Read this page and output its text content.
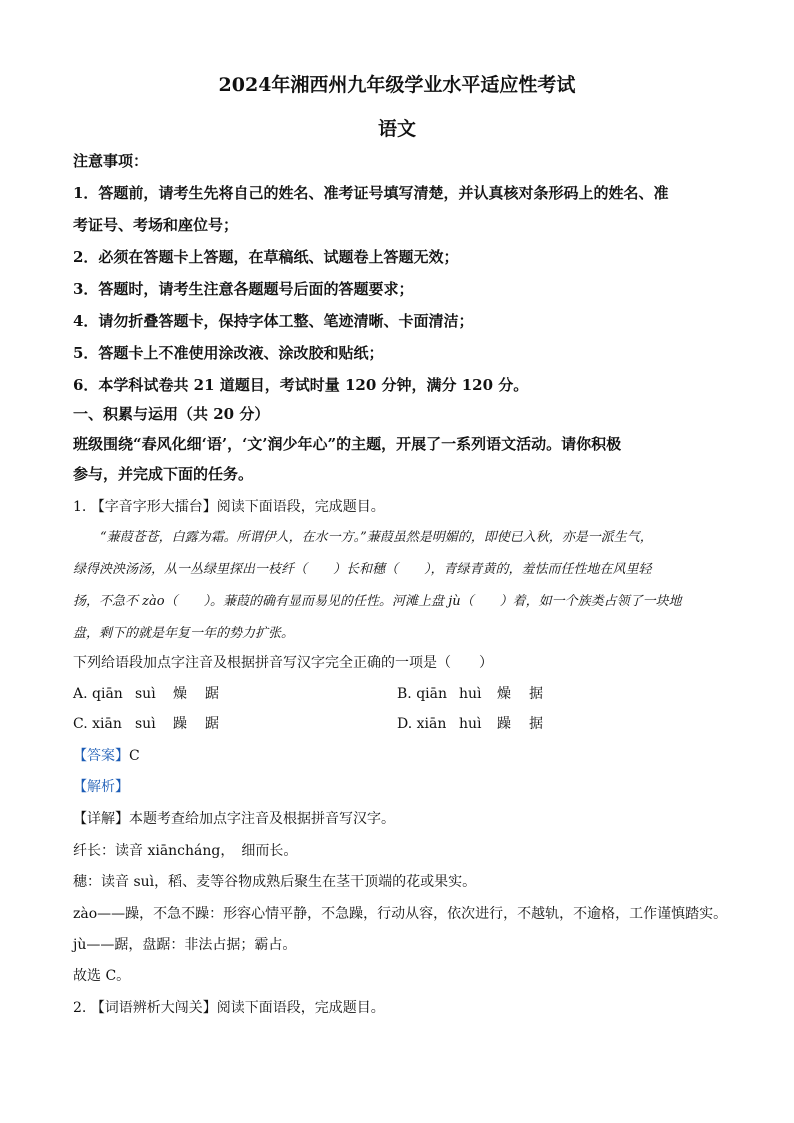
2024年湘西州九年级学业水平适应性考试
语文
注意事项：
1．答题前，请考生先将自己的姓名、准考证号填写清楚，并认真核对条形码上的姓名、准
考证号、考场和座位号；
2．必须在答题卡上答题，在草稿纸、试题卷上答题无效；
3．答题时，请考生注意各题题号后面的答题要求；
4．请勿折叠答题卡，保持字体工整、笔迹清晰、卡面清洁；
5．答题卡上不准使用涂改液、涂改胶和贴纸；
6．本学科试卷共 21 道题目，考试时量 120 分钟，满分 120 分。
一、积累与运用（共 20 分）
班级围绕“春风化细‘语’，‘文’润少年心”的主题，开展了一系列语文活动。请你积极
参与，并完成下面的任务。
1. 【字音字形大擂台】阅读下面语段，完成题目。
“蒹葭苍苍，白露为霜。所谓伊人，在水一方。”蒹葭虽然是明媚的，即使已入秋，亦是一派生气，
绿得泱泱汤汤，从一丛绿里探出一枝纤（　　）长和穗（　　），青绿青黄的，羞怯而任性地在风里轻
扬，不急不 zào（　　）。蒹葭的确有显而易见的任性。河滩上盘 jù（　　）着，如一个族类占领了一块地
盘，剩下的就是年复一年的势力扩张。
下列给语段加点字注音及根据拼音写汉字完全正确的一项是（　　）
A. qiān suì 燥 踞	B. qiān huì 燥 据
C. xiān suì 躁 踞	D. xiān huì 躁 据
【答案】C
【解析】
【详解】本题考查给加点字注音及根据拼音写汉字。
纤长：读音 xiāncháng，　细而长。
穗：读音 suì，稻、麦等谷物成熟后聚生在茎干顶端的花或果实。
zào——躁，不急不躁：形容心情平静，不急躁，行动从容，依次进行，不越轨，不逾格，工作谨慎踏实。
jù——踞，盘踞：非法占据；霸占。
故选 C。
2. 【词语辨析大闯关】阅读下面语段，完成题目。
